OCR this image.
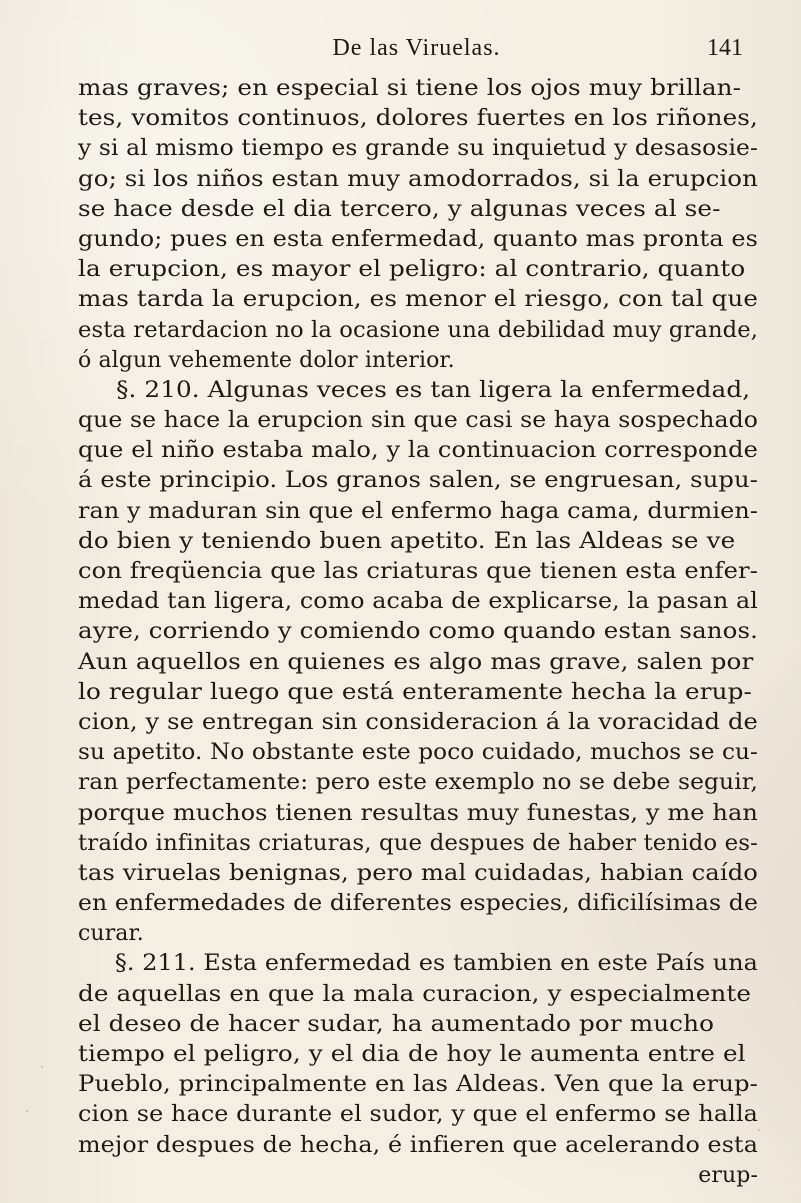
De las Viruelas.	141
mas graves; en especial si tiene los ojos muy brillan-
tes, vomitos continuos, dolores fuertes en los riñones,
y si al mismo tiempo es grande su inquietud y desasosie-
go; si los niños estan muy amodorrados, si la erupcion
se hace desde el dia tercero, y algunas veces al se-
gundo; pues en esta enfermedad, quanto mas pronta es
la erupcion, es mayor el peligro: al contrario, quanto
mas tarda la erupcion, es menor el riesgo, con tal que
esta retardacion no la ocasione una debilidad muy grande,
ó algun vehemente dolor interior.
§. 210. Algunas veces es tan ligera la enfermedad,
que se hace la erupcion sin que casi se haya sospechado
que el niño estaba malo, y la continuacion corresponde
á este principio. Los granos salen, se engruesan, supu-
ran y maduran sin que el enfermo haga cama, durmien-
do bien y teniendo buen apetito. En las Aldeas se ve
con freqüencia que las criaturas que tienen esta enfer-
medad tan ligera, como acaba de explicarse, la pasan al
ayre, corriendo y comiendo como quando estan sanos.
Aun aquellos en quienes es algo mas grave, salen por
lo regular luego que está enteramente hecha la erup-
cion, y se entregan sin consideracion á la voracidad de
su apetito. No obstante este poco cuidado, muchos se cu-
ran perfectamente: pero este exemplo no se debe seguir,
porque muchos tienen resultas muy funestas, y me han
traído infinitas criaturas, que despues de haber tenido es-
tas viruelas benignas, pero mal cuidadas, habian caído
en enfermedades de diferentes especies, dificilísimas de
curar.
§. 211. Esta enfermedad es tambien en este País una
de aquellas en que la mala curacion, y especialmente
el deseo de hacer sudar, ha aumentado por mucho
tiempo el peligro, y el dia de hoy le aumenta entre el
Pueblo, principalmente en las Aldeas. Ven que la erup-
cion se hace durante el sudor, y que el enfermo se halla
mejor despues de hecha, é infieren que acelerando esta
erup-
